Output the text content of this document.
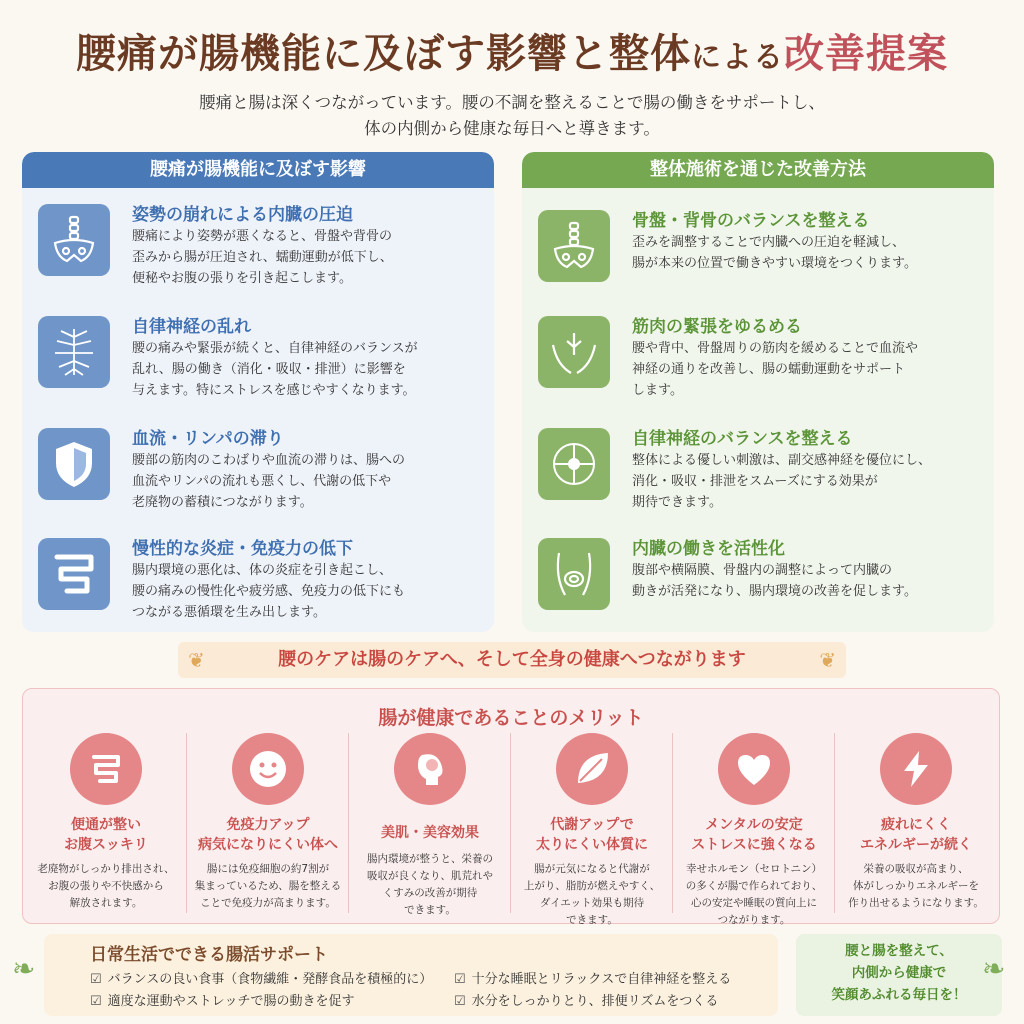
腰痛が腸機能に及ぼす影響と整体による改善提案
腰痛と腸は深くつながっています。腰の不調を整えることで腸の働きをサポートし、
体の内側から健康な毎日へと導きます。
腰痛が腸機能に及ぼす影響
姿勢の崩れによる内臓の圧迫
腰痛により姿勢が悪くなると、骨盤や背骨の
歪みから腸が圧迫され、蠕動運動が低下し、
便秘やお腹の張りを引き起こします。
自律神経の乱れ
腰の痛みや緊張が続くと、自律神経のバランスが
乱れ、腸の働き（消化・吸収・排泄）に影響を
与えます。特にストレスを感じやすくなります。
血流・リンパの滞り
腰部の筋肉のこわばりや血流の滞りは、腸への
血流やリンパの流れも悪くし、代謝の低下や
老廃物の蓄積につながります。
慢性的な炎症・免疫力の低下
腸内環境の悪化は、体の炎症を引き起こし、
腰の痛みの慢性化や疲労感、免疫力の低下にも
つながる悪循環を生み出します。
整体施術を通じた改善方法
骨盤・背骨のバランスを整える
歪みを調整することで内臓への圧迫を軽減し、
腸が本来の位置で働きやすい環境をつくります。
筋肉の緊張をゆるめる
腰や背中、骨盤周りの筋肉を緩めることで血流や
神経の通りを改善し、腸の蠕動運動をサポート
します。
自律神経のバランスを整える
整体による優しい刺激は、副交感神経を優位にし、
消化・吸収・排泄をスムーズにする効果が
期待できます。
内臓の働きを活性化
腹部や横隔膜、骨盤内の調整によって内臓の
動きが活発になり、腸内環境の改善を促します。
❦	腰のケアは腸のケアへ、そして全身の健康へつながります	❦
腸が健康であることのメリット
便通が整い
お腹スッキリ
老廃物がしっかり排出され、
お腹の張りや不快感から
解放されます。
免疫力アップ
病気になりにくい体へ
腸には免疫細胞の約7割が
集まっているため、腸を整える
ことで免疫力が高まります。
美肌・美容効果
腸内環境が整うと、栄養の
吸収が良くなり、肌荒れや
くすみの改善が期待
できます。
代謝アップで
太りにくい体質に
腸が元気になると代謝が
上がり、脂肪が燃えやすく、
ダイエット効果も期待
できます。
メンタルの安定
ストレスに強くなる
幸せホルモン（セロトニン）
の多くが腸で作られており、
心の安定や睡眠の質向上に
つながります。
疲れにくく
エネルギーが続く
栄養の吸収が高まり、
体がしっかりエネルギーを
作り出せるようになります。
❧	日常生活でできる腸活サポート
☑ バランスの良い食事（食物繊維・発酵食品を積極的に） ☑ 十分な睡眠とリラックスで自律神経を整える
☑ 適度な運動やストレッチで腸の動きを促す	☑ 水分をしっかりとり、排便リズムをつくる
腰と腸を整えて、
内側から健康で
笑顔あふれる毎日を！
❧
